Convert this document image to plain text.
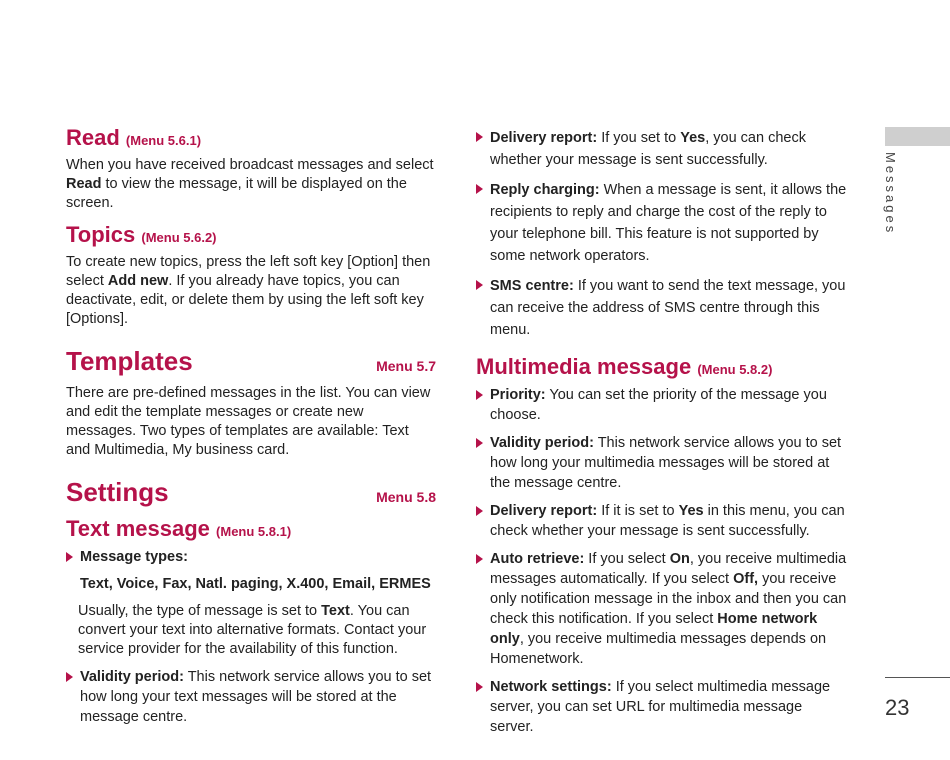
Messages
23
Read (Menu 5.6.1)

When you have received broadcast messages and select
Read to view the message, it will be displayed on the screen.

Topics (Menu 5.6.2)

To create new topics, press the left soft key [Option] then select Add new. If you already have topics, you can deactivate, edit, or delete them by using the left soft key [Options].

Templates	Menu 5.7

There are pre-defined messages in the list. You can view and edit the template messages or create new messages. Two types of templates are available: Text and Multimedia, My business card.

Settings	Menu 5.8
Text message (Menu 5.8.1)
Message types:

Text, Voice, Fax, Natl. paging, X.400, Email, ERMES

Usually, the type of message is set to Text. You can convert your text into alternative formats. Contact your service provider for the availability of this function.

Validity period: This network service allows you to set how long your text messages will be stored at the message centre.
Delivery report: If you set to Yes, you can check whether your message is sent successfully.
Reply charging: When a message is sent, it allows the recipients to reply and charge the cost of the reply to your telephone bill. This feature is not supported by some network operators.
SMS centre: If you want to send the text message, you can receive the address of SMS centre through this menu.
Multimedia message (Menu 5.8.2)
Priority: You can set the priority of the message you choose.
Validity period: This network service allows you to set how long your multimedia messages will be stored at the message centre.
Delivery report: If it is set to Yes in this menu, you can check whether your message is sent successfully.
Auto retrieve: If you select On, you receive multimedia messages automatically. If you select Off, you receive only notification message in the inbox and then you can check this notification. If you select Home network only, you receive multimedia messages depends on Homenetwork.
Network settings: If you select multimedia message server, you can set URL for multimedia message server.
